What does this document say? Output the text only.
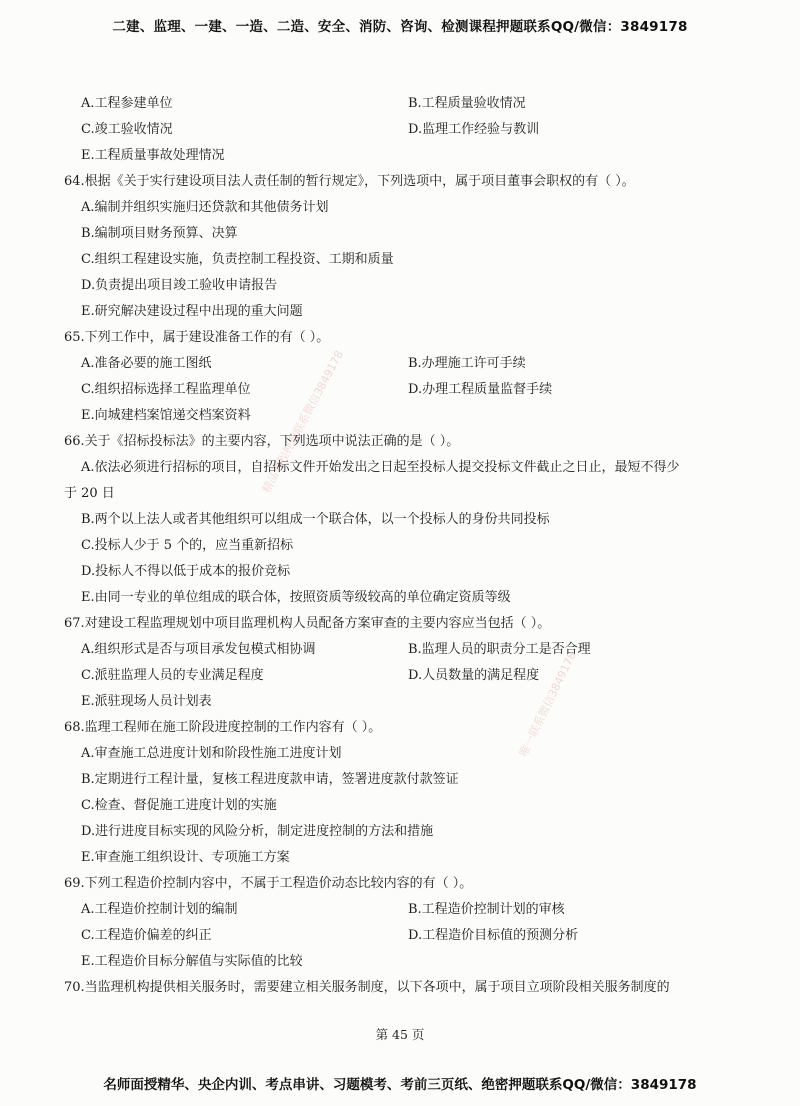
二建、监理、一建、一造、二造、安全、消防、咨询、检测课程押题联系QQ/微信：3849178
精品课程押题联系微信3849178
唯一联系微信3849178
A.工程参建单位	B.工程质量验收情况
C.竣工验收情况	D.监理工作经验与教训
E.工程质量事故处理情况
64.根据《关于实行建设项目法人责任制的暂行规定》，下列选项中，属于项目董事会职权的有（ ）。
A.编制并组织实施归还贷款和其他债务计划
B.编制项目财务预算、决算
C.组织工程建设实施，负责控制工程投资、工期和质量
D.负责提出项目竣工验收申请报告
E.研究解决建设过程中出现的重大问题
65.下列工作中，属于建设准备工作的有（ ）。
A.准备必要的施工图纸	B.办理施工许可手续
C.组织招标选择工程监理单位	D.办理工程质量监督手续
E.向城建档案馆递交档案资料
66.关于《招标投标法》的主要内容，下列选项中说法正确的是（ ）。
A.依法必须进行招标的项目，自招标文件开始发出之日起至投标人提交投标文件截止之日止，最短不得少
于 20 日
B.两个以上法人或者其他组织可以组成一个联合体，以一个投标人的身份共同投标
C.投标人少于 5 个的，应当重新招标
D.投标人不得以低于成本的报价竞标
E.由同一专业的单位组成的联合体，按照资质等级较高的单位确定资质等级
67.对建设工程监理规划中项目监理机构人员配备方案审查的主要内容应当包括（ ）。
A.组织形式是否与项目承发包模式相协调	B.监理人员的职责分工是否合理
C.派驻监理人员的专业满足程度	D.人员数量的满足程度
E.派驻现场人员计划表
68.监理工程师在施工阶段进度控制的工作内容有（ ）。
A.审查施工总进度计划和阶段性施工进度计划
B.定期进行工程计量，复核工程进度款申请，签署进度款付款签证
C.检查、督促施工进度计划的实施
D.进行进度目标实现的风险分析，制定进度控制的方法和措施
E.审查施工组织设计、专项施工方案
69.下列工程造价控制内容中，不属于工程造价动态比较内容的有（ ）。
A.工程造价控制计划的编制	B.工程造价控制计划的审核
C.工程造价偏差的纠正	D.工程造价目标值的预测分析
E.工程造价目标分解值与实际值的比较
70.当监理机构提供相关服务时，需要建立相关服务制度，以下各项中，属于项目立项阶段相关服务制度的
第 45 页
名师面授精华、央企内训、考点串讲、习题模考、考前三页纸、绝密押题联系QQ/微信：3849178
